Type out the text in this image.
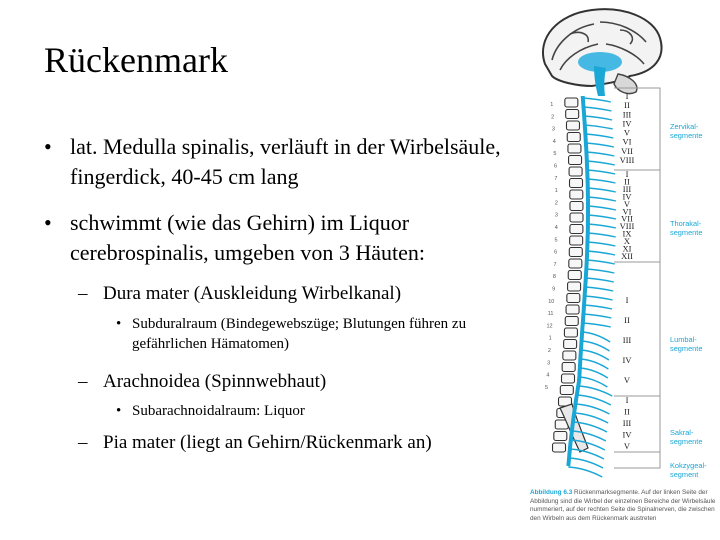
Rückenmark
• lat. Medulla spinalis, verläuft in der Wirbelsäule, fingerdick, 40-45 cm lang
• schwimmt (wie das Gehirn) im Liquor cerebrospinalis, umgeben von 3 Häuten:
– Dura mater (Auskleidung Wirbelkanal)
• Subduralraum (Bindegewebszüge; Blutungen führen zu gefährlichen Hämatomen)
– Arachnoidea (Spinnwebhaut)
• Subarachnoidalraum: Liquor
– Pia mater (liegt an Gehirn/Rückenmark an)
I
II
III
IV
V
VI
VII
VIII
I
II
III
IV
V
VI
VII
VIII
IX
X
XI
XII
I
II
III
IV
V
I
II
III
IV
V
1
2
3
4
5
6
7
1
2
3
4
5
6
7
8
9
10
11
12
1
2
3
4
5
Zervikal-
segmente
Thorakal-
segmente
Lumbal-
segmente
Sakral-
segmente
Kokzygeal-
segment
Abbildung 6.3 Rückenmarksegmente. Auf der linken Seite der Abbildung sind die Wirbel der einzelnen Bereiche der Wirbelsäule nummeriert, auf der rechten Seite die Spinalnerven, die zwischen den Wirbeln aus dem Rückenmark austreten
